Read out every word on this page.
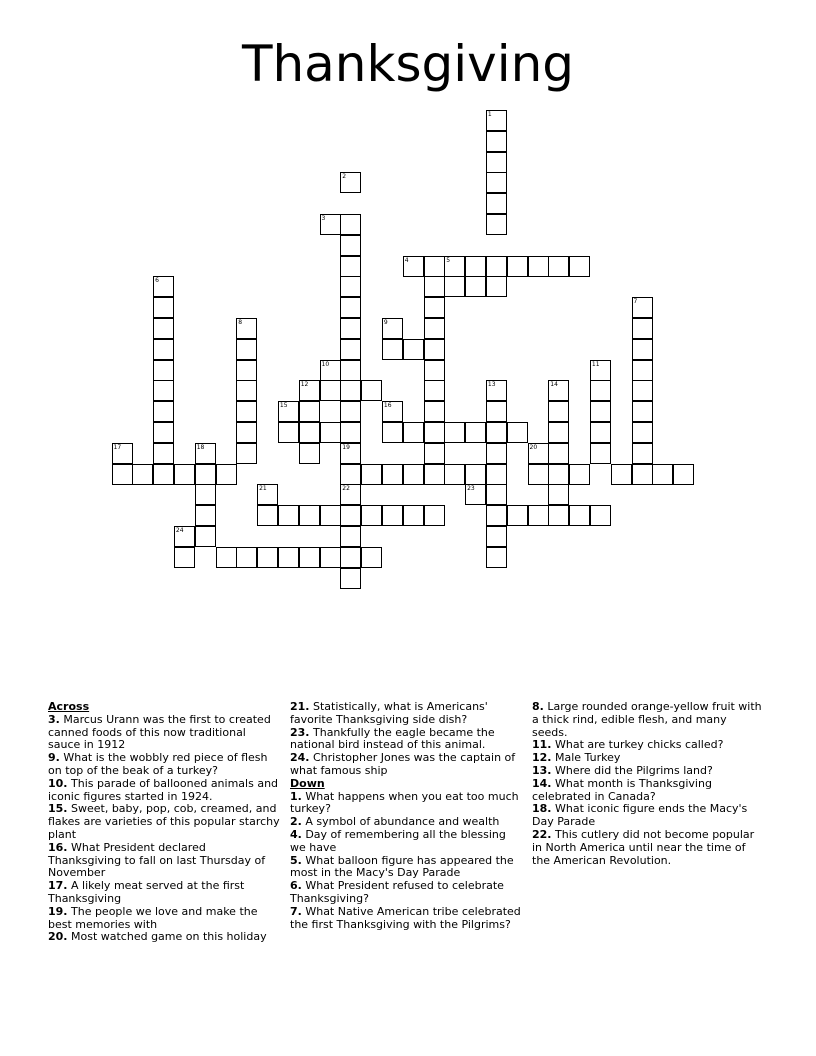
Thanksgiving
1
19
4	5
2
3
6
7
8	9
10	11
12	13	14
15	16
17	18	20
21	22	23
24
Across
3. Marcus Urann was the first to created canned foods of this now traditional sauce in 1912
9. What is the wobbly red piece of flesh on top of the beak of a turkey?
10. This parade of ballooned animals and iconic figures started in 1924.
15. Sweet, baby, pop, cob, creamed, and flakes are varieties of this popular starchy plant
16. What President declared Thanksgiving to fall on last Thursday of November
17. A likely meat served at the first Thanksgiving
19. The people we love and make the best memories with
20. Most watched game on this holiday
21. Statistically, what is Americans' favorite Thanksgiving side dish?
23. Thankfully the eagle became the national bird instead of this animal.
24. Christopher Jones was the captain of what famous ship
Down
1. What happens when you eat too much turkey?
2. A symbol of abundance and wealth
4. Day of remembering all the blessing we have
5. What balloon figure has appeared the most in the Macy's Day Parade
6. What President refused to celebrate Thanksgiving?
7. What Native American tribe celebrated the first Thanksgiving with the Pilgrims?
8. Large rounded orange-yellow fruit with a thick rind, edible flesh, and many seeds.
11. What are turkey chicks called?
12. Male Turkey
13. Where did the Pilgrims land?
14. What month is Thanksgiving celebrated in Canada?
18. What iconic figure ends the Macy's Day Parade
22. This cutlery did not become popular in North America until near the time of the American Revolution.
